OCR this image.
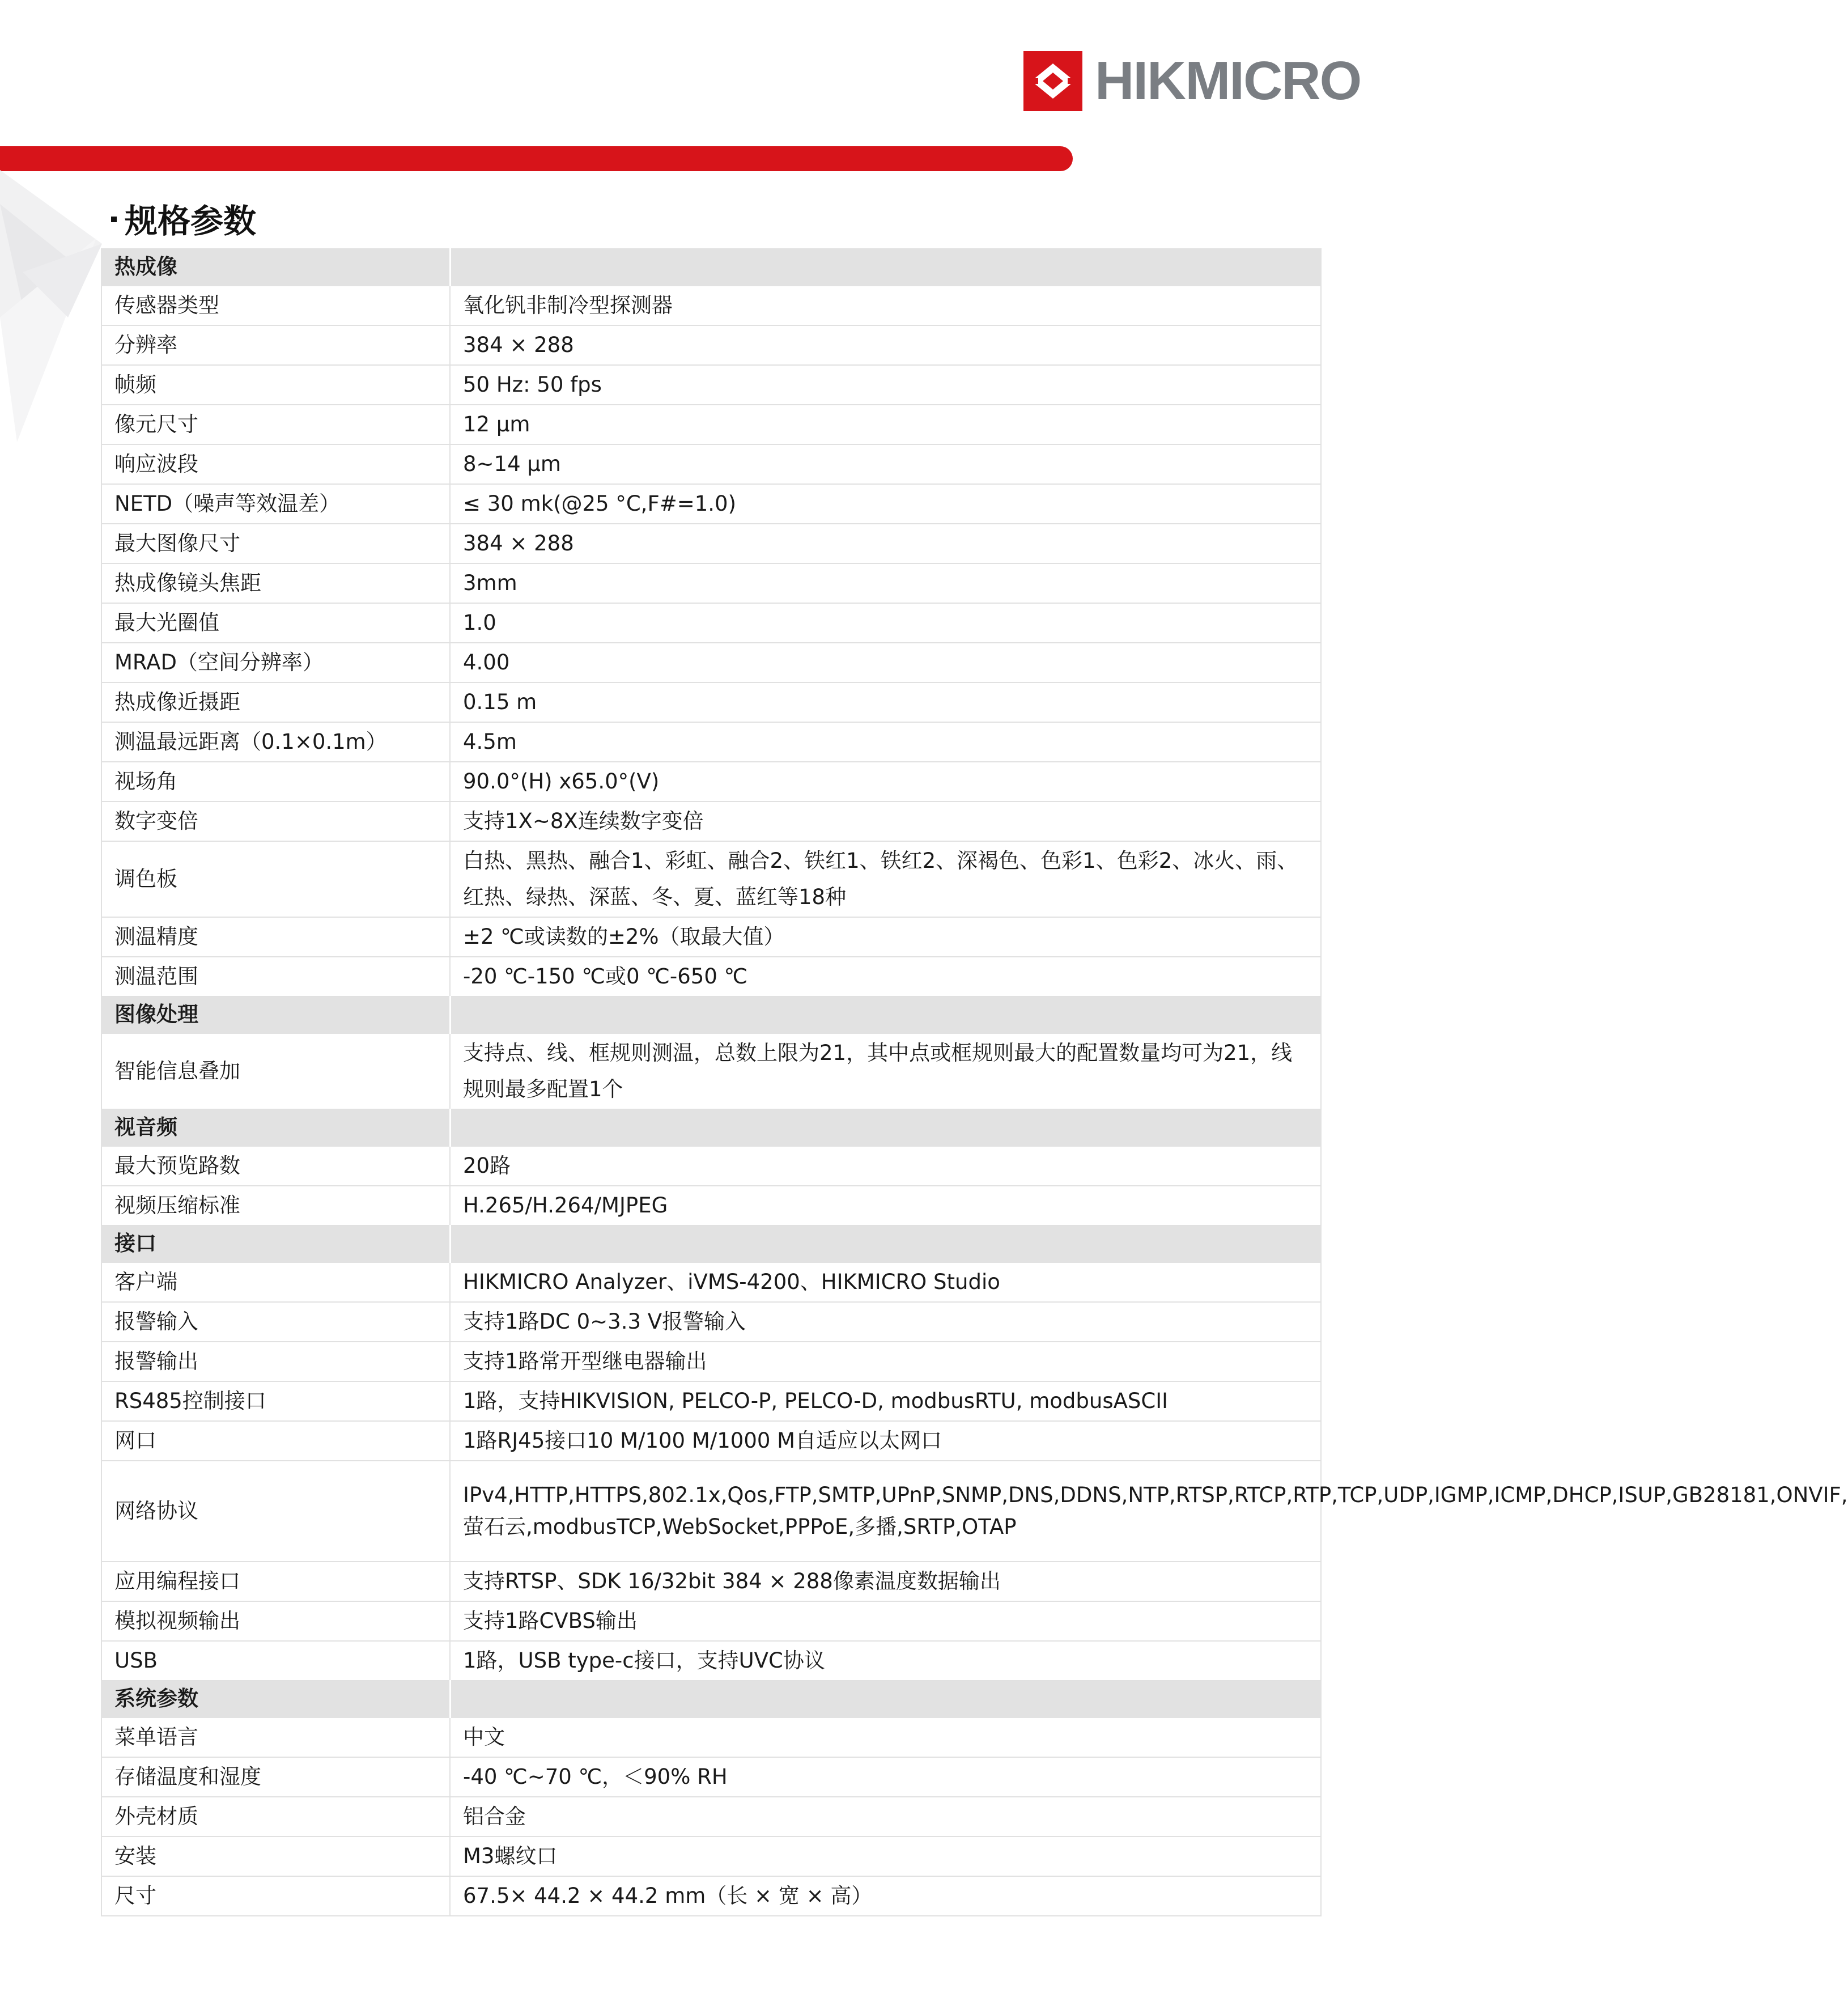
HIKMICRO
规格参数
热成像	
传感器类型	氧化钒非制冷型探测器
分辨率	384 × 288
帧频	50 Hz: 50 fps
像元尺寸	12 μm
响应波段	8~14 μm
NETD（噪声等效温差）	≤ 30 mk(@25 °C,F#=1.0)
最大图像尺寸	384 × 288
热成像镜头焦距	3mm
最大光圈值	1.0
MRAD（空间分辨率）	4.00
热成像近摄距	0.15 m
测温最远距离（0.1×0.1m）	4.5m
视场角	90.0°(H) x65.0°(V)
数字变倍	支持1X~8X连续数字变倍
调色板	白热、黑热、融合1、彩虹、融合2、铁红1、铁红2、深褐色、色彩1、色彩2、冰火、雨、红热、绿热、深蓝、冬、夏、蓝红等18种
测温精度	±2 ℃或读数的±2%（取最大值）
测温范围	-20 ℃-150 ℃或0 ℃-650 ℃
图像处理	
智能信息叠加	支持点、线、框规则测温，总数上限为21，其中点或框规则最大的配置数量均可为21，线规则最多配置1个
视音频	
最大预览路数	20路
视频压缩标准	H.265/H.264/MJPEG
接口	
客户端	HIKMICRO Analyzer、iVMS-4200、HIKMICRO Studio
报警输入	支持1路DC 0~3.3 V报警输入
报警输出	支持1路常开型继电器输出
RS485控制接口	1路，支持HIKVISION, PELCO-P, PELCO-D, modbusRTU, modbusASCII
网口	1路RJ45接口10 M/100 M/1000 M自适应以太网口
网络协议	IPv4,HTTP,HTTPS,802.1x,Qos,FTP,SMTP,UPnP,SNMP,DNS,DDNS,NTP,RTSP,RTCP,RTP,TCP,UDP,IGMP,ICMP,DHCP,ISUP,GB28181,ONVIF,萤石云,modbusTCP,WebSocket,PPPoE,多播,SRTP,OTAP
应用编程接口	支持RTSP、SDK 16/32bit 384 × 288像素温度数据输出
模拟视频输出	支持1路CVBS输出
USB	1路，USB type-c接口，支持UVC协议
系统参数	
菜单语言	中文
存储温度和湿度	-40 ℃~70 ℃，＜90% RH
外壳材质	铝合金
安装	M3螺纹口
尺寸	67.5× 44.2 × 44.2 mm（长 × 宽 × 高）
